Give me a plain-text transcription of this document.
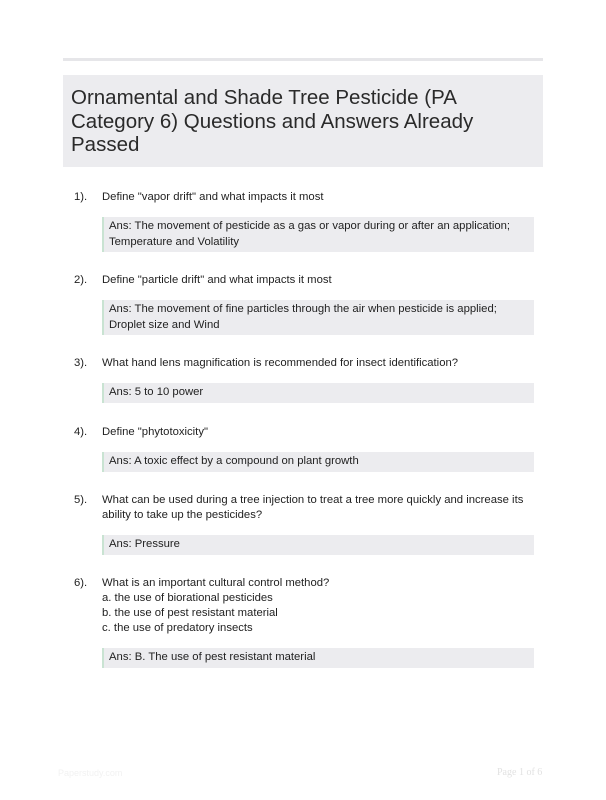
Ornamental and Shade Tree Pesticide (PA Category 6) Questions and Answers Already Passed
1). Define "vapor drift" and what impacts it most
Ans: The movement of pesticide as a gas or vapor during or after an application; Temperature and Volatility
2). Define "particle drift" and what impacts it most
Ans: The movement of fine particles through the air when pesticide is applied; Droplet size and Wind
3). What hand lens magnification is recommended for insect identification?
Ans: 5 to 10 power
4). Define "phytotoxicity"
Ans: A toxic effect by a compound on plant growth
5). What can be used during a tree injection to treat a tree more quickly and increase its ability to take up the pesticides?
Ans: Pressure
6). What is an important cultural control method?
a. the use of biorational pesticides
b. the use of pest resistant material
c. the use of predatory insects
Ans: B. The use of pest resistant material
Paperstudy.com	Page 1 of 6
